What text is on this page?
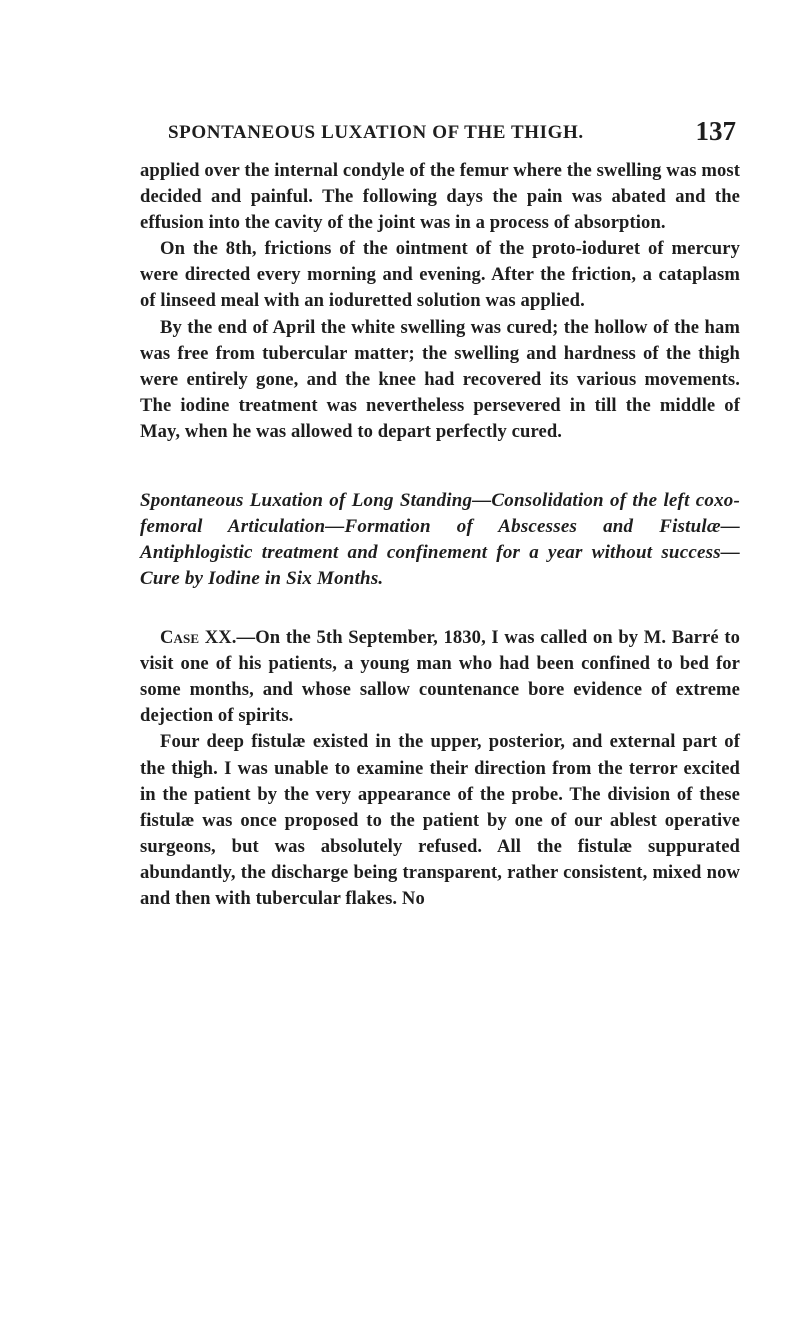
SPONTANEOUS LUXATION OF THE THIGH.	137

applied over the internal condyle of the femur where the swelling was most decided and painful. The following days the pain was abated and the effusion into the cavity of the joint was in a process of absorption.

On the 8th, frictions of the ointment of the proto-ioduret of mercury were directed every morning and evening. After the friction, a cataplasm of linseed meal with an ioduretted solution was applied.

By the end of April the white swelling was cured; the hollow of the ham was free from tubercular matter; the swelling and hardness of the thigh were entirely gone, and the knee had recovered its various movements. The iodine treatment was nevertheless persevered in till the middle of May, when he was allowed to depart perfectly cured.

Spontaneous Luxation of Long Standing—Consolidation of the left coxo-femoral Articulation—Formation of Abscesses and Fistulæ—Antiphlogistic treatment and confinement for a year without success—Cure by Iodine in Six Months.

Case XX.—On the 5th September, 1830, I was called on by M. Barré to visit one of his patients, a young man who had been confined to bed for some months, and whose sallow countenance bore evidence of extreme dejection of spirits.

Four deep fistulæ existed in the upper, posterior, and external part of the thigh. I was unable to examine their direction from the terror excited in the patient by the very appearance of the probe. The division of these fistulæ was once proposed to the patient by one of our ablest operative surgeons, but was absolutely refused. All the fistulæ suppurated abundantly, the discharge being transparent, rather consistent, mixed now and then with tubercular flakes. No
